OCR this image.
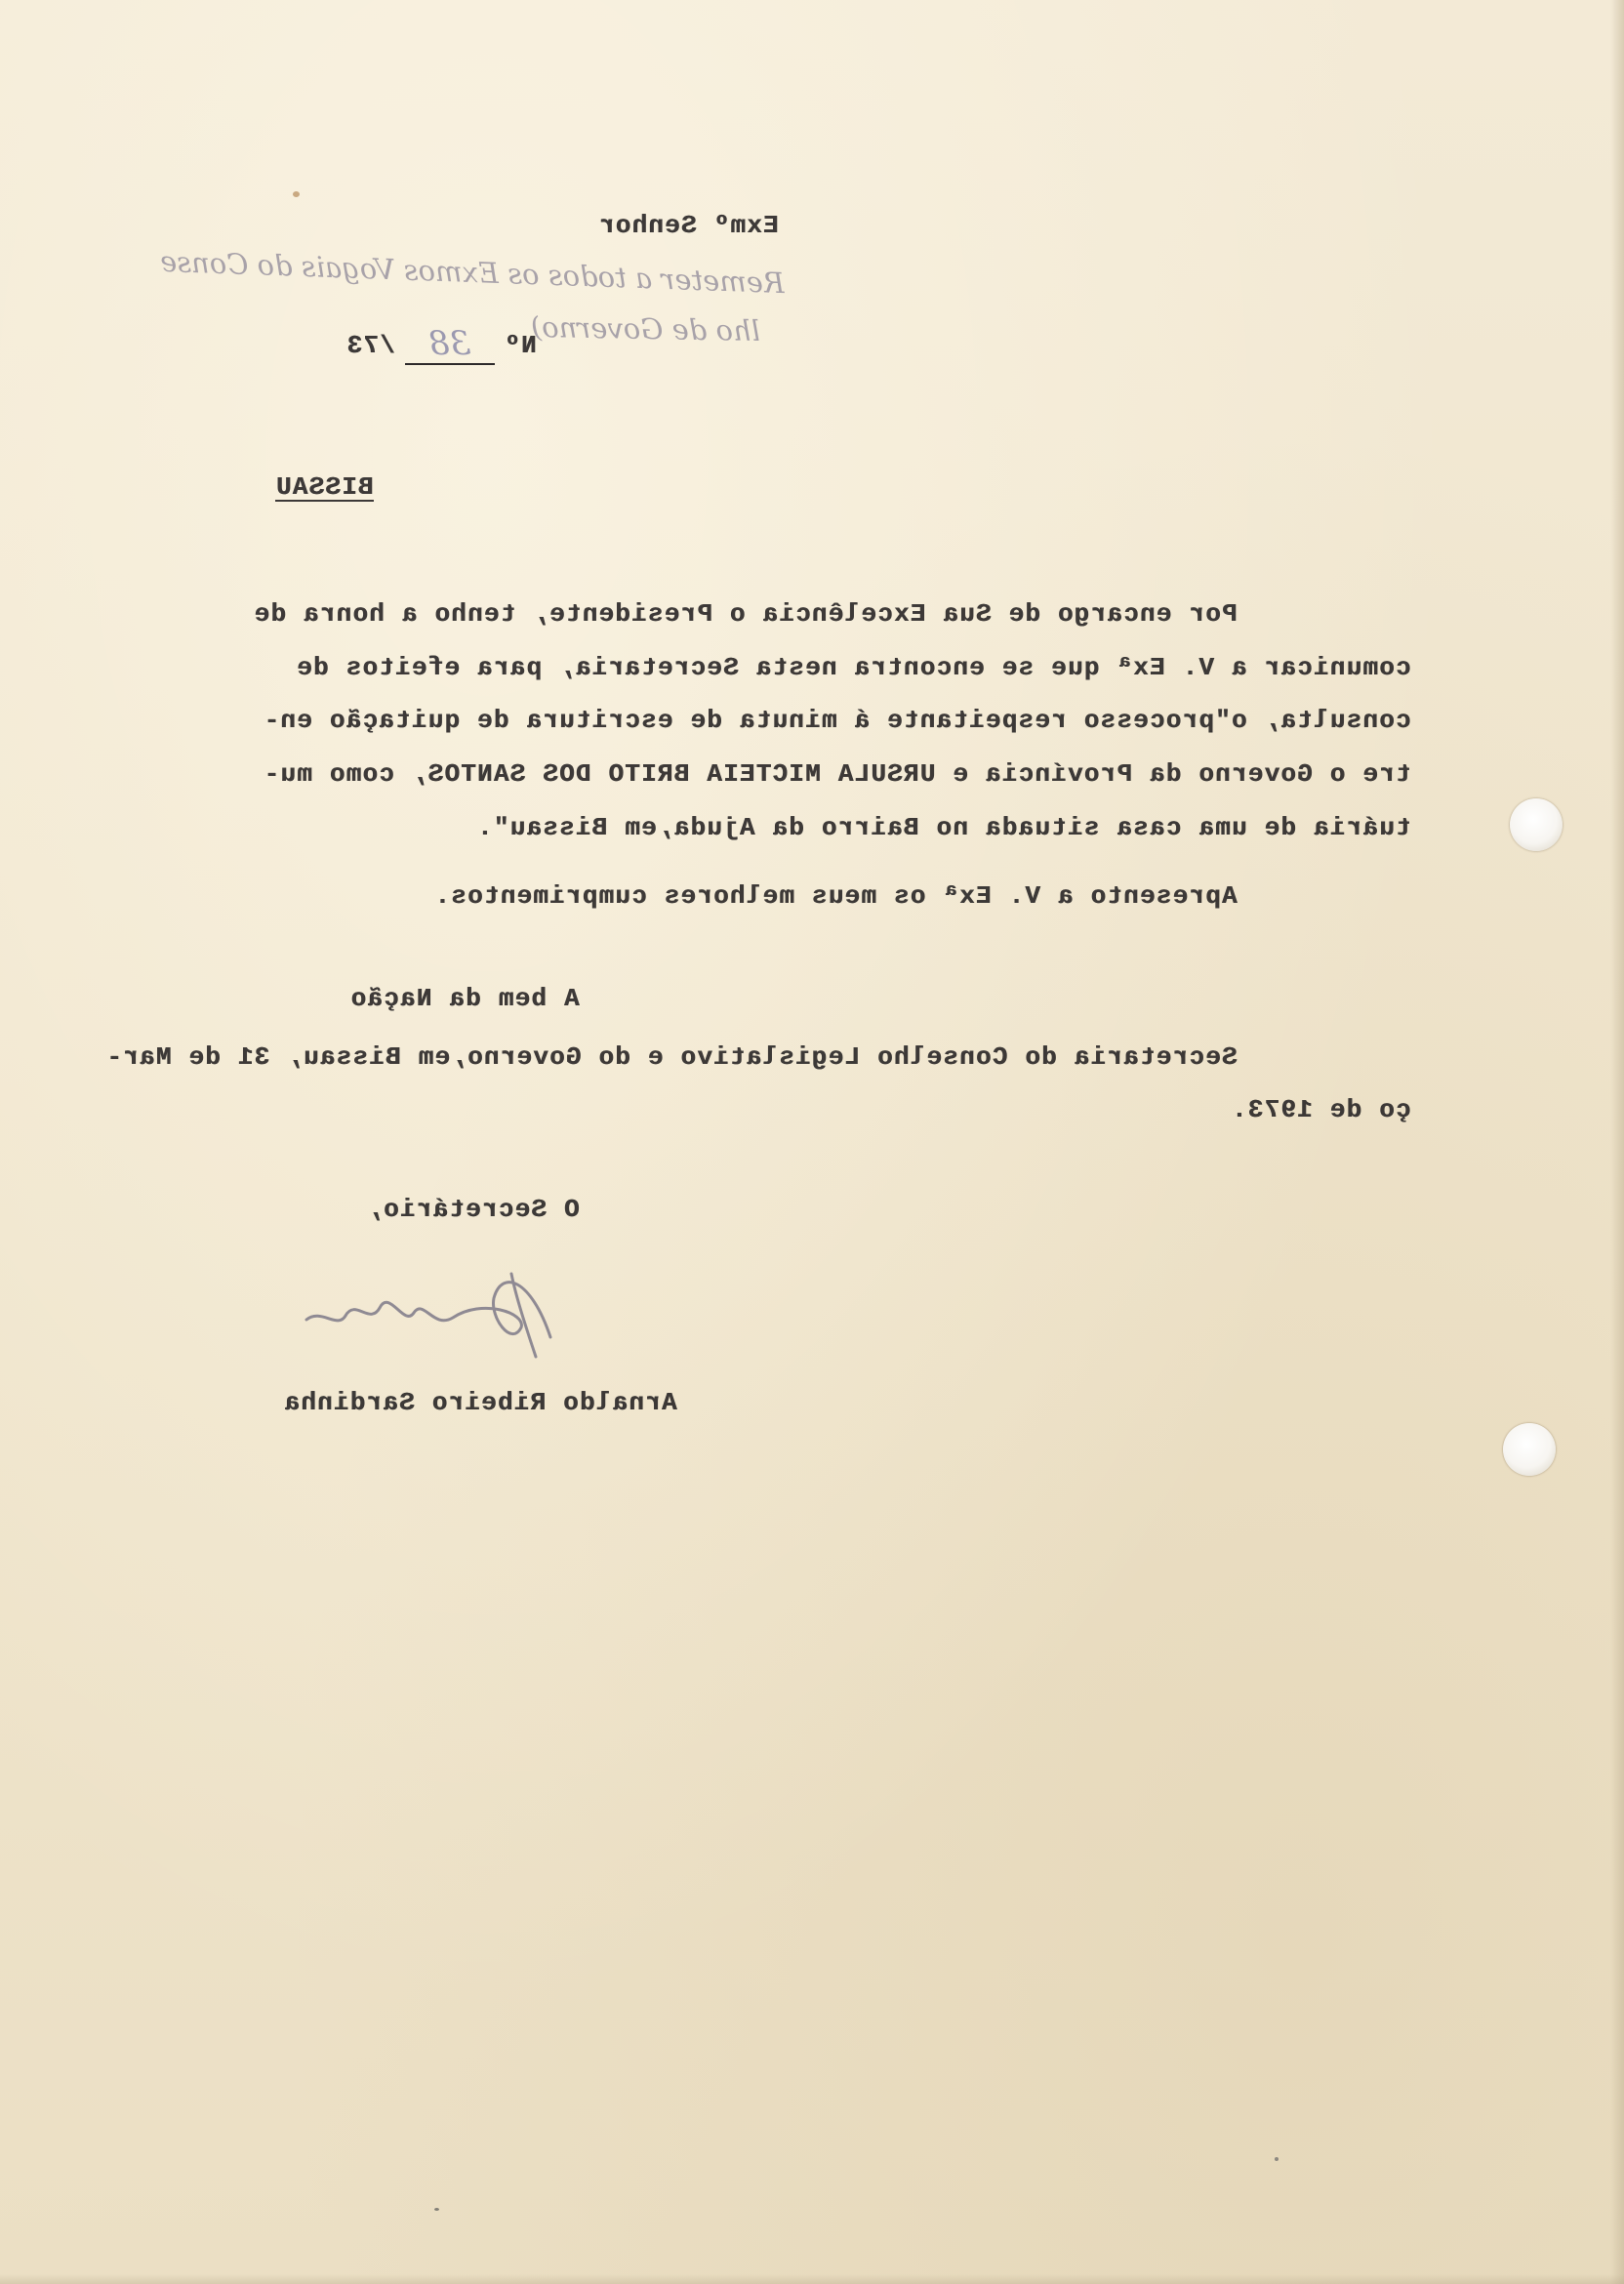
Exmº Senhor
Remeter a todos os Exmos Vogais do Conse
lho de Governo)
Nº 38 /73
BISSAU
Por encargo de Sua Excelência o Presidente, tenho a honra de
comunicar a V. Exª que se encontra nesta Secretaria, para efeitos de
consulta, o"processo respeitante á minuta de escritura de quitação en-
tre o Governo da Província e URSULA MICTEIA BRITO DOS SANTOS, como mu-
tuária de uma casa situada no Bairro da Ajuda,em Bissau".
Apresento a V. Exª os meus melhores cumprimentos.
A bem da Nação
Secretaria do Conselho Legislativo e do Governo,em Bissau, 31 de Mar-
ço de 1973.
O Secretário,
Arnaldo Ribeiro Sardinha
